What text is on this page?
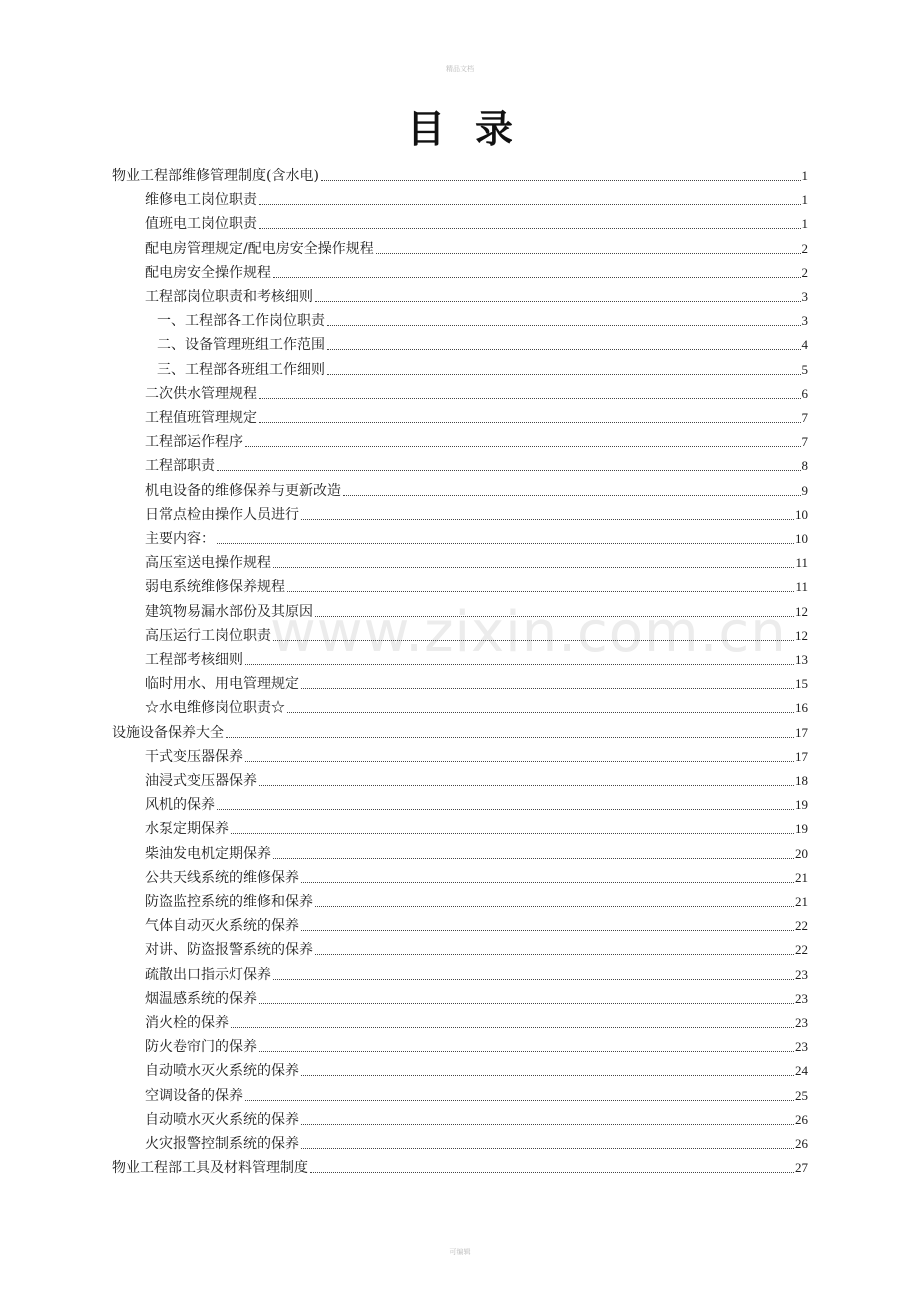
精品文档
目录
www.zixin.com.cn
物业工程部维修管理制度(含水电)	1
维修电工岗位职责	1
值班电工岗位职责	1
配电房管理规定/配电房安全操作规程	2
配电房安全操作规程	2
工程部岗位职责和考核细则	3
一、工程部各工作岗位职责	3
二、设备管理班组工作范围	4
三、工程部各班组工作细则	5
二次供水管理规程	6
工程值班管理规定	7
工程部运作程序	7
工程部职责	8
机电设备的维修保养与更新改造	9
日常点检由操作人员进行	10
主要内容：	10
高压室送电操作规程	11
弱电系统维修保养规程	11
建筑物易漏水部份及其原因	12
高压运行工岗位职责	12
工程部考核细则	13
临时用水、用电管理规定	15
☆水电维修岗位职责☆	16
设施设备保养大全	17
干式变压器保养	17
油浸式变压器保养	18
风机的保养	19
水泵定期保养	19
柴油发电机定期保养	20
公共天线系统的维修保养	21
防盗监控系统的维修和保养	21
气体自动灭火系统的保养	22
对讲、防盗报警系统的保养	22
疏散出口指示灯保养	23
烟温感系统的保养	23
消火栓的保养	23
防火卷帘门的保养	23
自动喷水灭火系统的保养	24
空调设备的保养	25
自动喷水灭火系统的保养	26
火灾报警控制系统的保养	26
物业工程部工具及材料管理制度	27
可编辑
